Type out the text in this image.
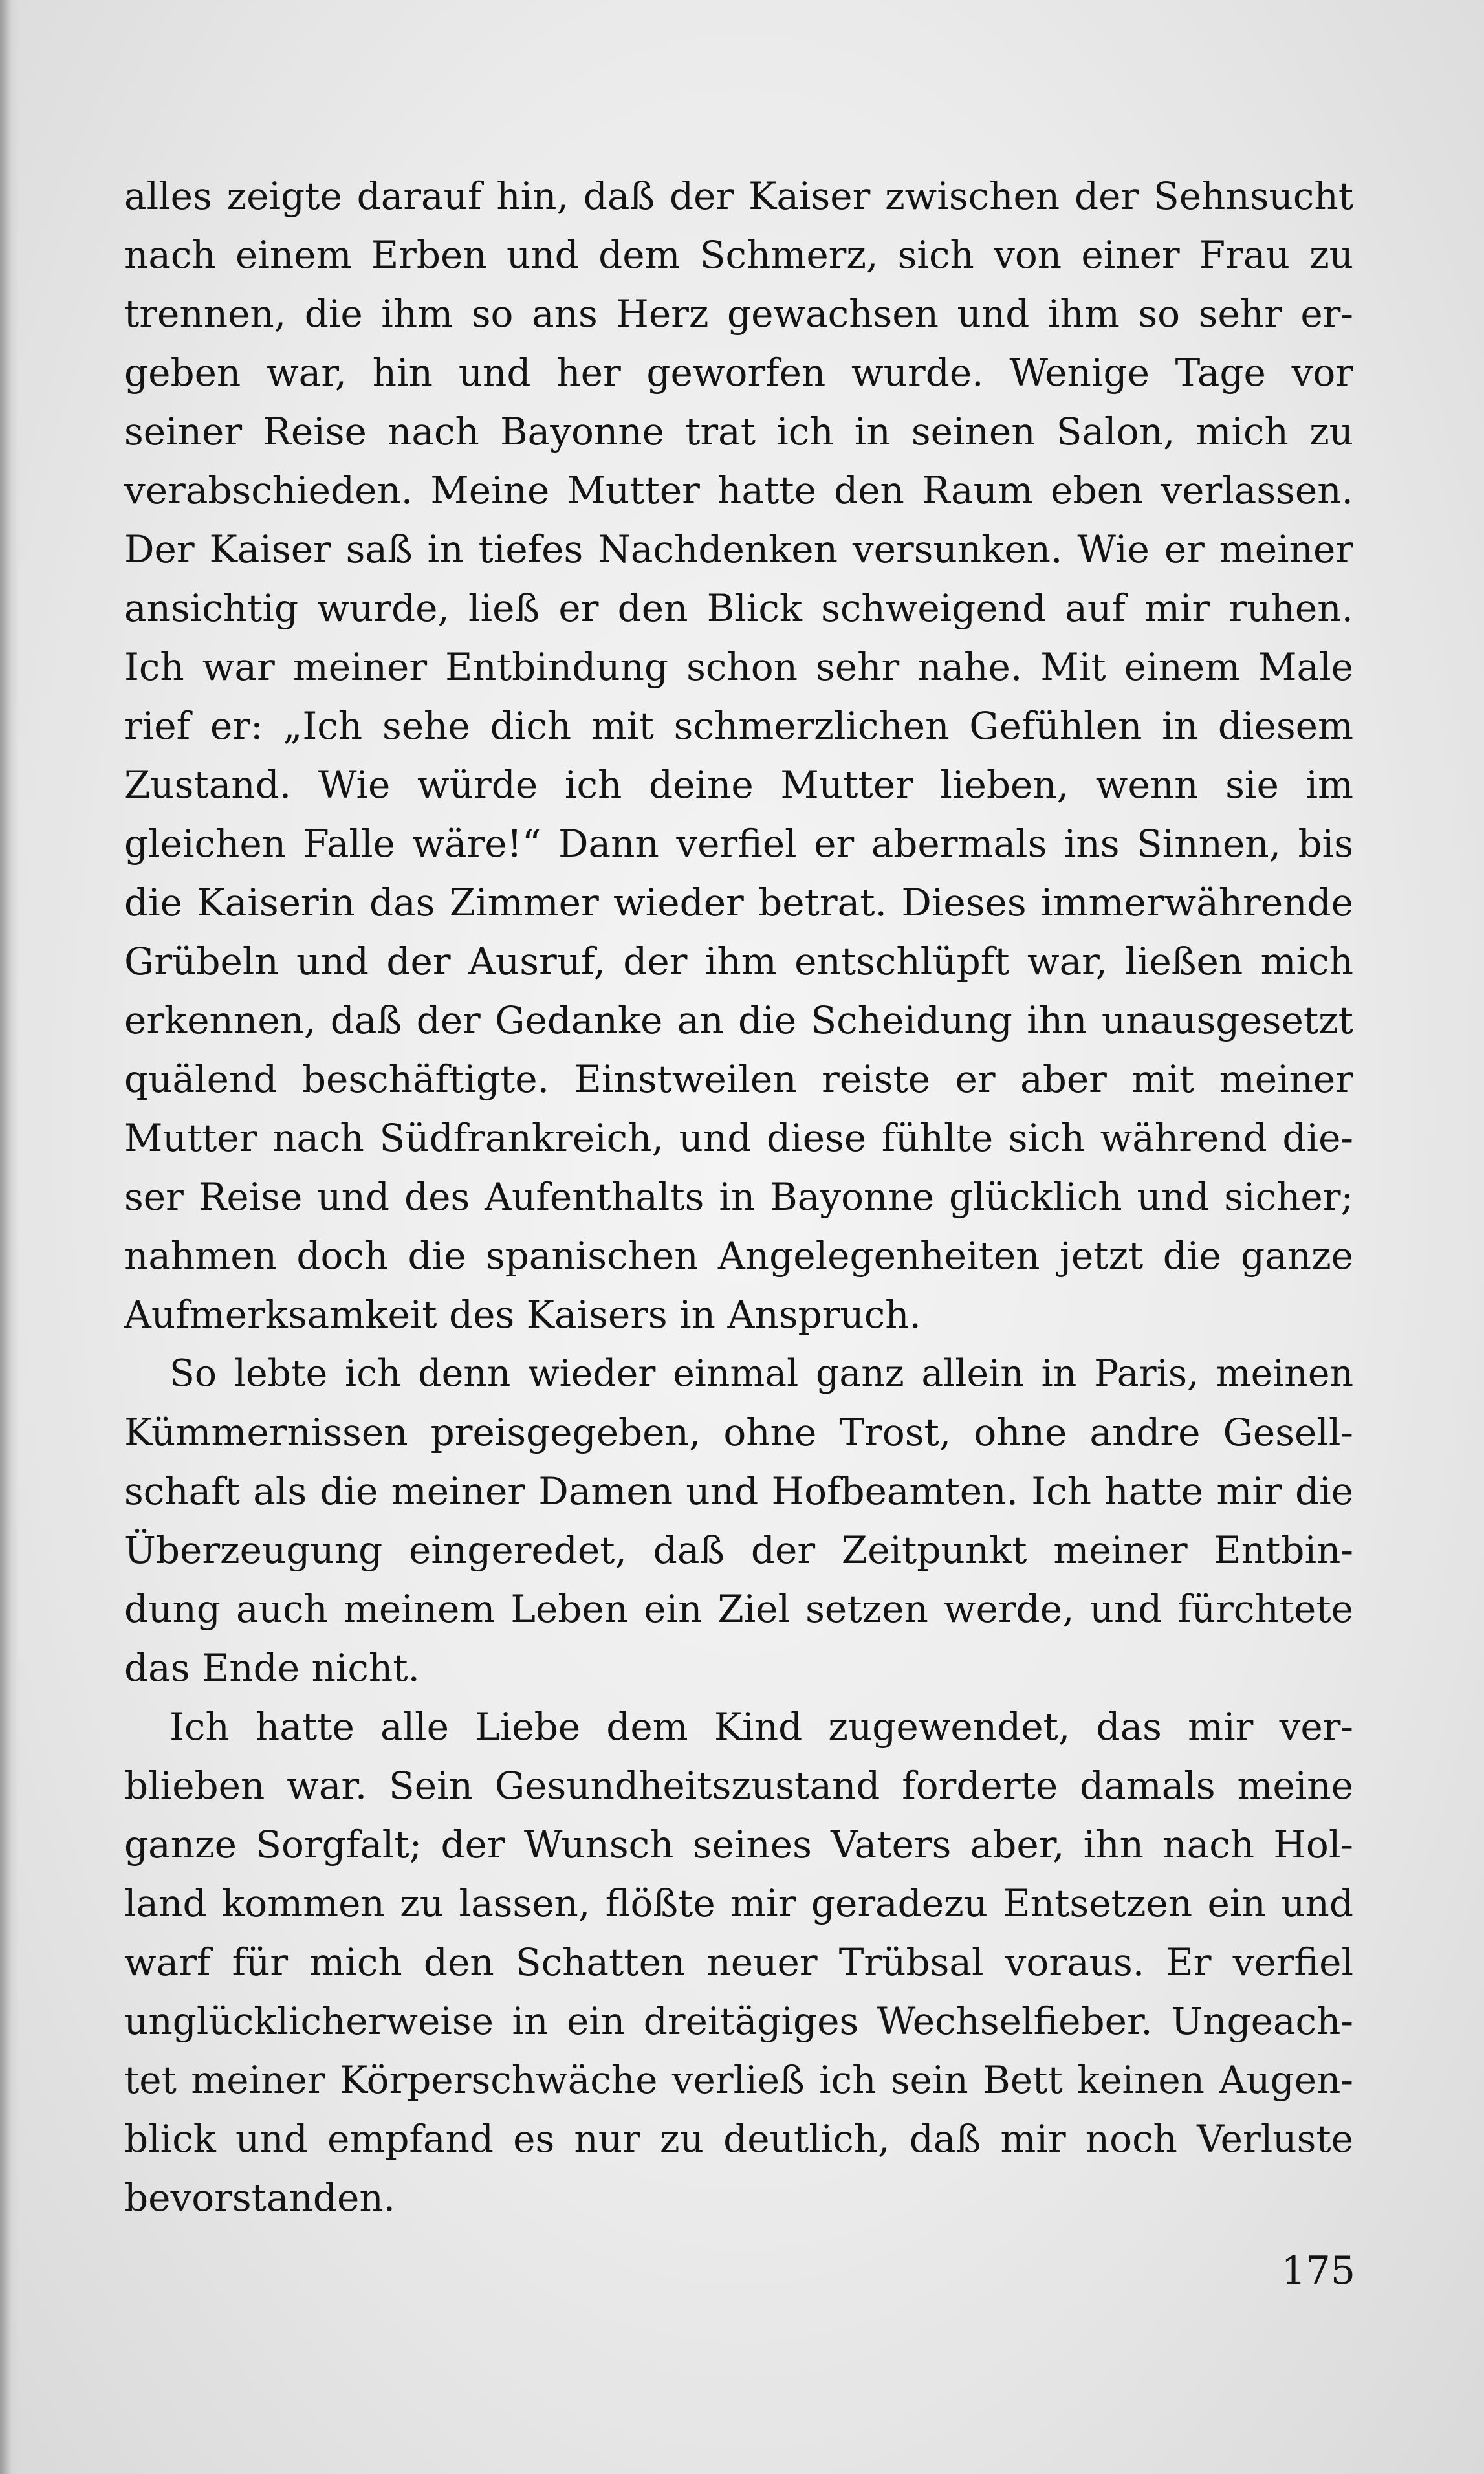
alles zeigte darauf hin, daß der Kaiser zwischen der Sehnsucht
nach einem Erben und dem Schmerz, sich von einer Frau zu
trennen, die ihm so ans Herz gewachsen und ihm so sehr er-
geben war, hin und her geworfen wurde. Wenige Tage vor
seiner Reise nach Bayonne trat ich in seinen Salon, mich zu
verabschieden. Meine Mutter hatte den Raum eben verlassen.
Der Kaiser saß in tiefes Nachdenken versunken. Wie er meiner
ansichtig wurde, ließ er den Blick schweigend auf mir ruhen.
Ich war meiner Entbindung schon sehr nahe. Mit einem Male
rief er: „Ich sehe dich mit schmerzlichen Gefühlen in diesem
Zustand. Wie würde ich deine Mutter lieben, wenn sie im
gleichen Falle wäre!“ Dann verfiel er abermals ins Sinnen, bis
die Kaiserin das Zimmer wieder betrat. Dieses immerwährende
Grübeln und der Ausruf, der ihm entschlüpft war, ließen mich
erkennen, daß der Gedanke an die Scheidung ihn unausgesetzt
quälend beschäftigte. Einstweilen reiste er aber mit meiner
Mutter nach Südfrankreich, und diese fühlte sich während die-
ser Reise und des Aufenthalts in Bayonne glücklich und sicher;
nahmen doch die spanischen Angelegenheiten jetzt die ganze
Aufmerksamkeit des Kaisers in Anspruch.
So lebte ich denn wieder einmal ganz allein in Paris, meinen
Kümmernissen preisgegeben, ohne Trost, ohne andre Gesell-
schaft als die meiner Damen und Hofbeamten. Ich hatte mir die
Überzeugung eingeredet, daß der Zeitpunkt meiner Entbin-
dung auch meinem Leben ein Ziel setzen werde, und fürchtete
das Ende nicht.
Ich hatte alle Liebe dem Kind zugewendet, das mir ver-
blieben war. Sein Gesundheitszustand forderte damals meine
ganze Sorgfalt; der Wunsch seines Vaters aber, ihn nach Hol-
land kommen zu lassen, flößte mir geradezu Entsetzen ein und
warf für mich den Schatten neuer Trübsal voraus. Er verfiel
unglücklicherweise in ein dreitägiges Wechselfieber. Ungeach-
tet meiner Körperschwäche verließ ich sein Bett keinen Augen-
blick und empfand es nur zu deutlich, daß mir noch Verluste
bevorstanden.
175
